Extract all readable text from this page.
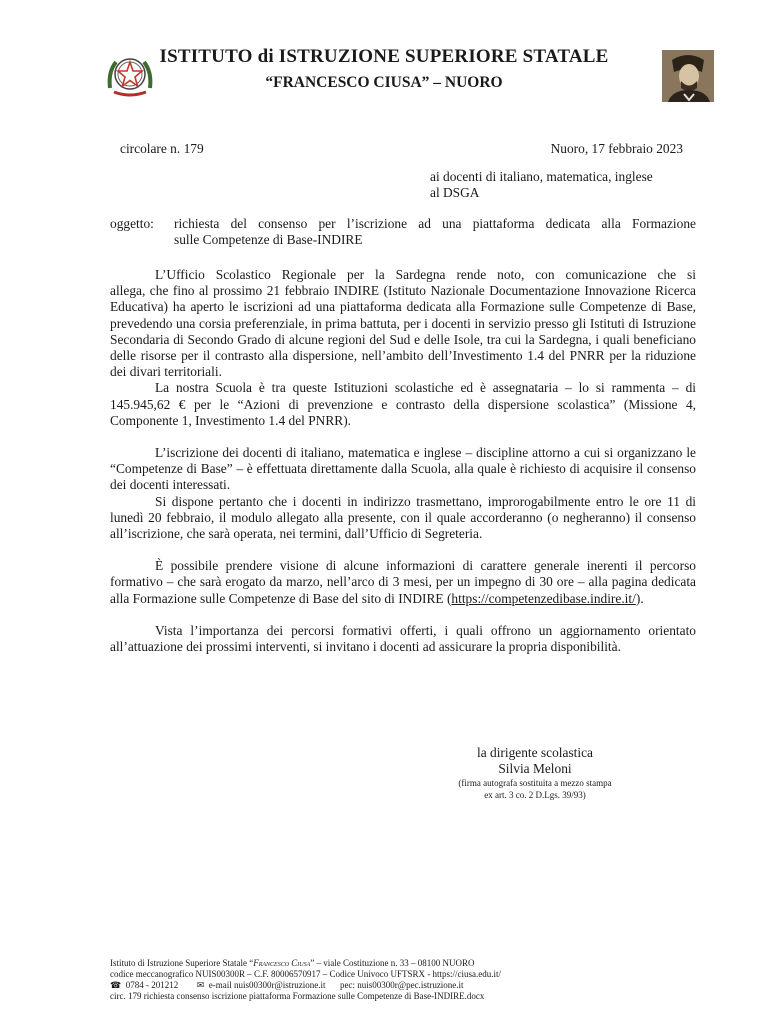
ISTITUTO di ISTRUZIONE SUPERIORE STATALE
“FRANCESCO CIUSA” – NUORO
circolare n. 179	Nuoro, 17 febbraio 2023
ai docenti di italiano, matematica, inglese
al DSGA
oggetto: richiesta del consenso per l’iscrizione ad una piattaforma dedicata alla Formazione
sulle Competenze di Base-INDIRE
L’Ufficio Scolastico Regionale per la Sardegna rende noto, con comunicazione che si
allega, che fino al prossimo 21 febbraio INDIRE (Istituto Nazionale Documentazione Innovazione Ricerca Educativa) ha aperto le iscrizioni ad una piattaforma dedicata alla Formazione sulle Competenze di Base, prevedendo una corsia preferenziale, in prima battuta, per i docenti in servizio presso gli Istituti di Istruzione Secondaria di Secondo Grado di alcune regioni del Sud e delle Isole, tra cui la Sardegna, i quali beneficiano delle risorse per il contrasto alla dispersione, nell’ambito dell’Investimento 1.4 del PNRR per la riduzione dei divari territoriali.
La nostra Scuola è tra queste Istituzioni scolastiche ed è assegnataria – lo si rammenta – di 145.945,62 € per le “Azioni di prevenzione e contrasto della dispersione scolastica” (Missione 4, Componente 1, Investimento 1.4 del PNRR).
L’iscrizione dei docenti di italiano, matematica e inglese – discipline attorno a cui si organizzano le “Competenze di Base” – è effettuata direttamente dalla Scuola, alla quale è richiesto di acquisire il consenso dei docenti interessati.
Si dispone pertanto che i docenti in indirizzo trasmettano, improrogabilmente entro le ore 11 di lunedì 20 febbraio, il modulo allegato alla presente, con il quale accorderanno (o negheranno) il consenso all’iscrizione, che sarà operata, nei termini, dall’Ufficio di Segreteria.
È possibile prendere visione di alcune informazioni di carattere generale inerenti il percorso formativo – che sarà erogato da marzo, nell’arco di 3 mesi, per un impegno di 30 ore – alla pagina dedicata alla Formazione sulle Competenze di Base del sito di INDIRE (https://competenzedibase.indire.it/).
Vista l’importanza dei percorsi formativi offerti, i quali offrono un aggiornamento orientato all’attuazione dei prossimi interventi, si invitano i docenti ad assicurare la propria disponibilità.
la dirigente scolastica
Silvia Meloni
(firma autografa sostituita a mezzo stampa
ex art. 3 co. 2 D.Lgs. 39/93)
Istituto di Istruzione Superiore Statale “Francesco Ciusa” – viale Costituzione n. 33 – 08100 NUORO
codice meccanografico NUIS00300R – C.F. 80006570917 – Codice Univoco UFTSRX - https://ciusa.edu.it/
☎ 0784 - 201212 ✉ e-mail nuis00300r@istruzione.it pec: nuis00300r@pec.istruzione.it
circ. 179 richiesta consenso iscrizione piattaforma Formazione sulle Competenze di Base-INDIRE.docx
